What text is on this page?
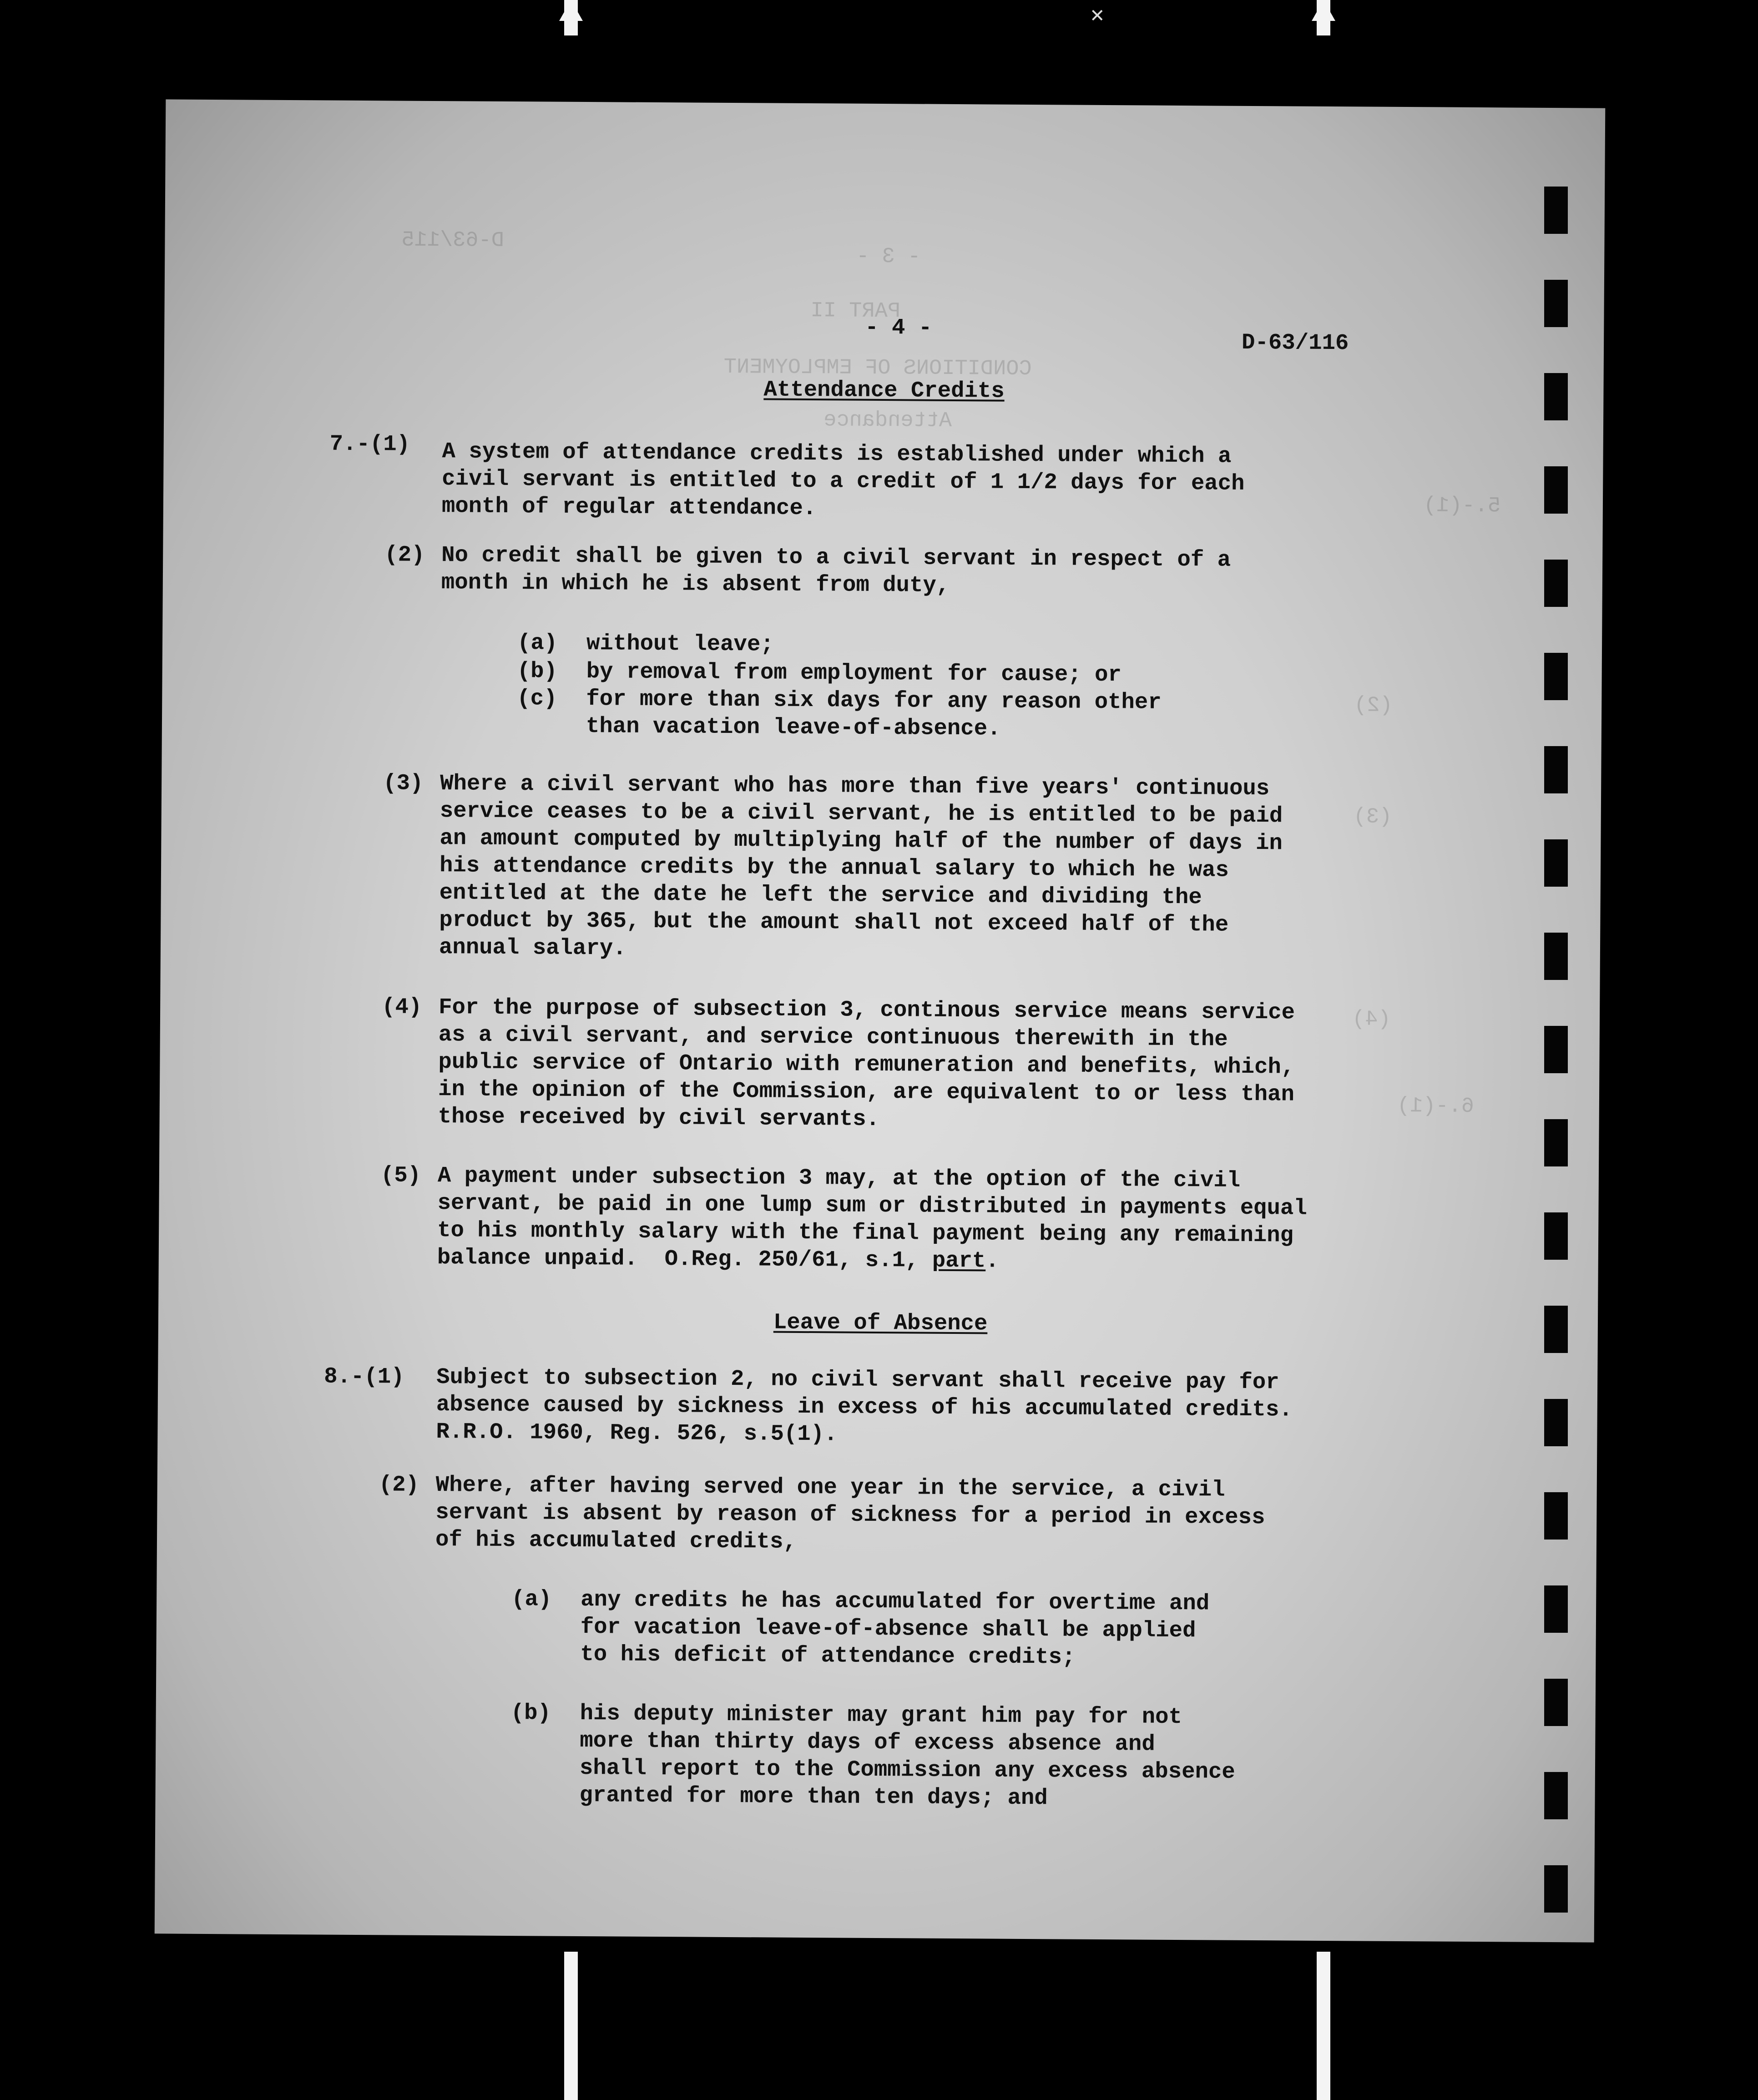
✕
D-63/115
- 3 -
PART II
CONDITIONS OF EMPLOYMENT
Attendance
5.-(1)
(2)
(3)
(4)
6.-(1)
- 4 -
D-63/116
Attendance Credits
7.-(1) A system of attendance credits is established under which a
civil servant is entitled to a credit of 1 1/2 days for each
month of regular attendance.
(2) No credit shall be given to a civil servant in respect of a
month in which he is absent from duty,
(a) without leave;
(b) by removal from employment for cause; or
(c) for more than six days for any reason other
than vacation leave-of-absence.
(3) Where a civil servant who has more than five years' continuous
service ceases to be a civil servant, he is entitled to be paid
an amount computed by multiplying half of the number of days in
his attendance credits by the annual salary to which he was
entitled at the date he left the service and dividing the
product by 365, but the amount shall not exceed half of the
annual salary.
(4) For the purpose of subsection 3, continous service means service
as a civil servant, and service continuous therewith in the
public service of Ontario with remuneration and benefits, which,
in the opinion of the Commission, are equivalent to or less than
those received by civil servants.
(5) A payment under subsection 3 may, at the option of the civil
servant, be paid in one lump sum or distributed in payments equal
to his monthly salary with the final payment being any remaining
balance unpaid.  O.Reg. 250/61, s.1, part.
Leave of Absence
8.-(1) Subject to subsection 2, no civil servant shall receive pay for
absence caused by sickness in excess of his accumulated credits.
R.R.O. 1960, Reg. 526, s.5(1).
(2) Where, after having served one year in the service, a civil
servant is absent by reason of sickness for a period in excess
of his accumulated credits,
(a) any credits he has accumulated for overtime and
for vacation leave-of-absence shall be applied
to his deficit of attendance credits;
(b) his deputy minister may grant him pay for not
more than thirty days of excess absence and
shall report to the Commission any excess absence
granted for more than ten days; and
